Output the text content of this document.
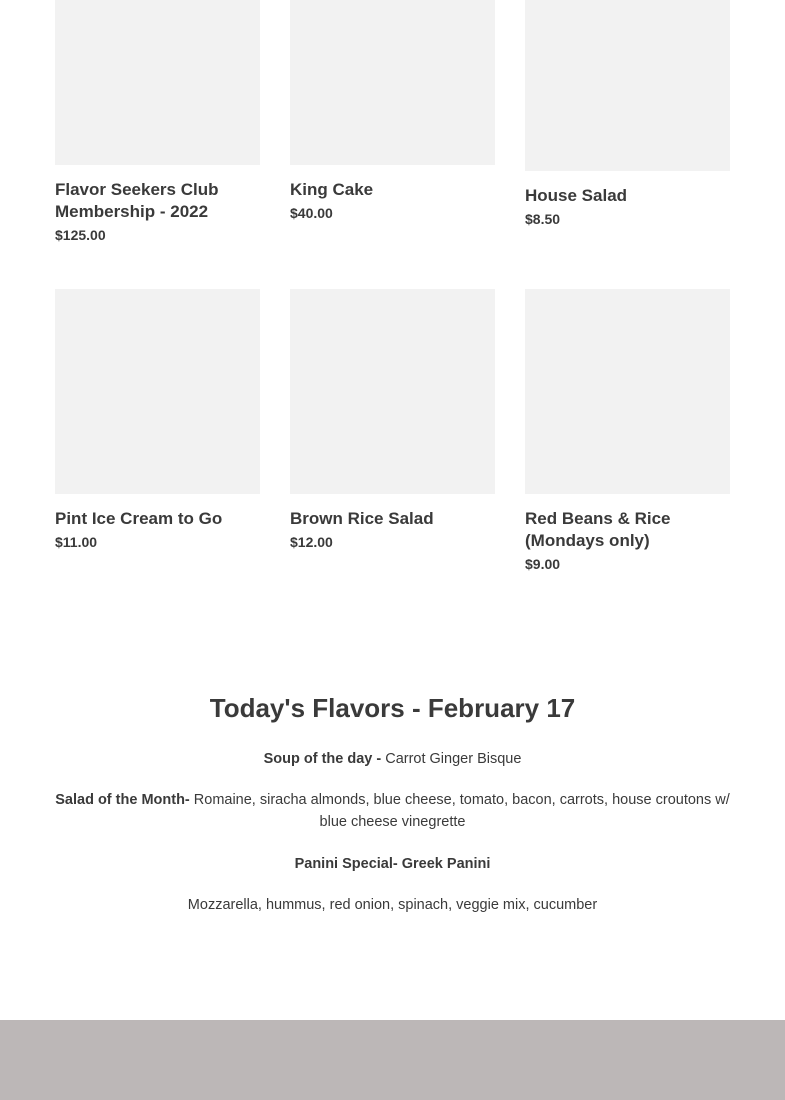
Flavor Seekers Club Membership - 2022
$125.00
King Cake
$40.00
House Salad
$8.50
Pint Ice Cream to Go
$11.00
Brown Rice Salad
$12.00
Red Beans & Rice (Mondays only)
$9.00
Today's Flavors - February 17

Soup of the day - Carrot Ginger Bisque

Salad of the Month- Romaine, siracha almonds, blue cheese, tomato, bacon, carrots, house croutons w/ blue cheese vinegrette

Panini Special- Greek Panini

Mozzarella, hummus, red onion, spinach, veggie mix, cucumber
